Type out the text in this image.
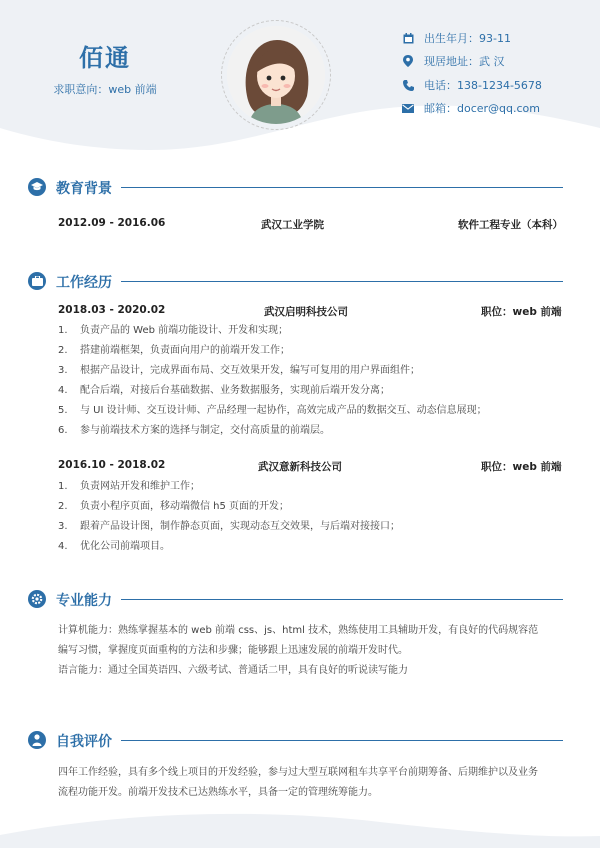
佰通
求职意向：web 前端
出生年月：93-11
现居地址：武 汉
电话：138-1234-5678
邮箱：docer@qq.com
教育背景
2012.09 - 2016.06	武汉工业学院	软件工程专业（本科）
工作经历
2018.03 - 2020.02	武汉启明科技公司	职位：web 前端
1. 负责产品的 Web 前端功能设计、开发和实现；
2. 搭建前端框架，负责面向用户的前端开发工作；
3. 根据产品设计，完成界面布局、交互效果开发，编写可复用的用户界面组件；
4. 配合后端，对接后台基础数据、业务数据服务，实现前后端开发分离；
5. 与 UI 设计师、交互设计师、产品经理一起协作，高效完成产品的数据交互、动态信息展现；
6. 参与前端技术方案的选择与制定，交付高质量的前端层。
2016.10 - 2018.02	武汉意新科技公司	职位：web 前端
1. 负责网站开发和维护工作；
2. 负责小程序页面，移动端微信 h5 页面的开发；
3. 跟着产品设计图，制作静态页面，实现动态互交效果，与后端对接接口；
4. 优化公司前端项目。
专业能力
计算机能力：熟练掌握基本的 web 前端 css、js、html 技术，熟练使用工具辅助开发，有良好的代码规容范
编写习惯，掌握度页面重构的方法和步骤；能够跟上迅速发展的前端开发时代。
语言能力：通过全国英语四、六级考试、普通话二甲，具有良好的听说读写能力
自我评价
四年工作经验，具有多个线上项目的开发经验，参与过大型互联网租车共享平台前期筹备、后期维护以及业务
流程功能开发。前端开发技术已达熟练水平，具备一定的管理统筹能力。
